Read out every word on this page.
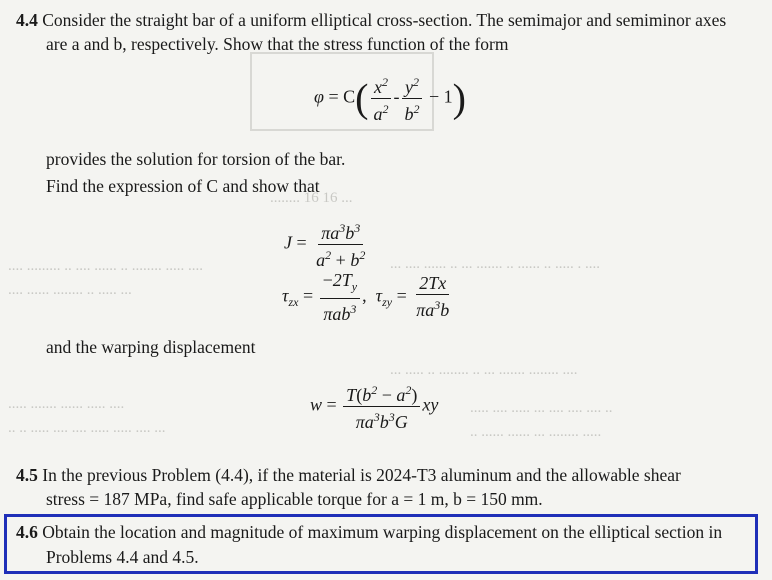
........ 16 16 ...
.... ......... .. .... ...... .. ........ ..... ....	... .... ...... .. ... ....... .. ...... .. ..... . ....
.... ...... ........ .. ..... ...
... ..... .. ........ .. ... ....... ........ ....
..... ....... ...... ..... ....
.. .. ..... .... .... ..... ..... .... ...
..... .... ..... ... .... .... .... ..
.. ...... ...... ... ........ .....
4.4 Consider the straight bar of a uniform elliptical cross-section. The semimajor and semiminor axes
are a and b, respectively. Show that the stress function of the form
$\varphi = C( \frac{x^2}{a^2} - \frac{y^2}{b^2} - 1)$
provides the solution for torsion of the bar.
Find the expression of C and show that
$J = \frac{\pi a^3b^3}{a^2 + b^2}$
$\tau_{zx} = \frac{-2T_y}{\pi ab^3}$ ,  $\tau_{zy} = \frac{2Tx}{\pi a^3b}$
and the warping displacement
$w = \frac{T(b^2 - a^2)}{\pi a^3b^3G}$ xy
4.5 In the previous Problem (4.4), if the material is 2024-T3 aluminum and the allowable shear
stress = 187 MPa, find safe applicable torque for a = 1 m, b = 150 mm.
4.6 Obtain the location and magnitude of maximum warping displacement on the elliptical section in
Problems 4.4 and 4.5.
